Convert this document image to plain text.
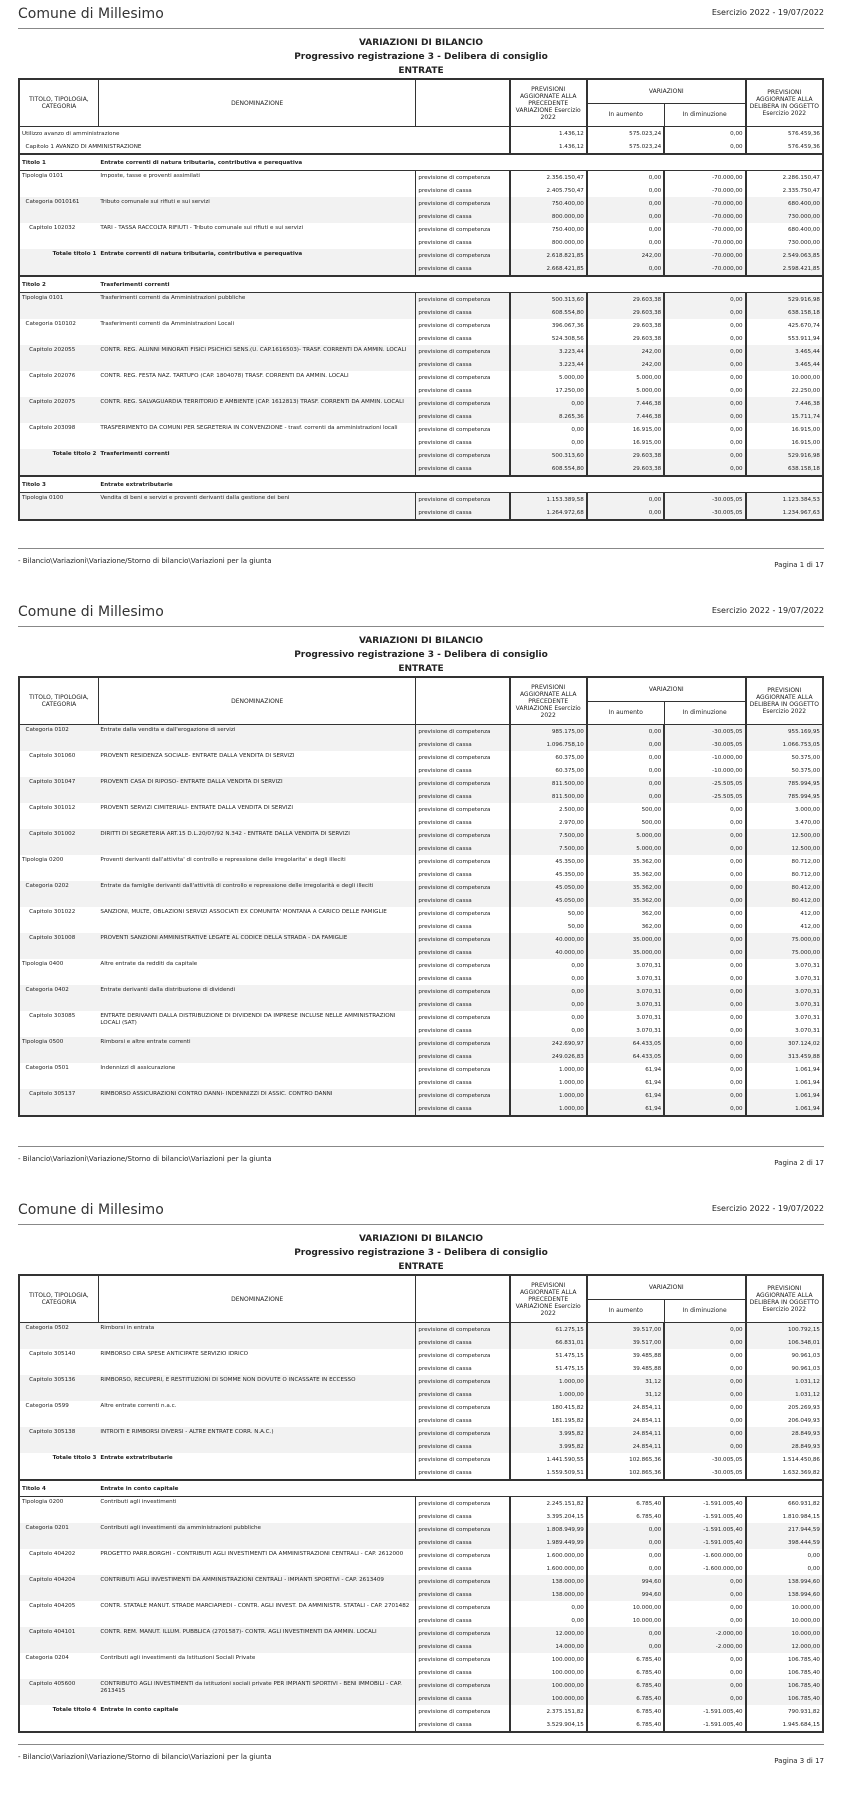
Comune di Millesimo	Esercizio 2022 - 19/07/2022
VARIAZIONI DI BILANCIO
Progressivo registrazione 3 - Delibera di consiglio
ENTRATE
TITOLO, TIPOLOGIA, CATEGORIA	DENOMINAZIONE		PREVISIONI AGGIORNATE ALLA PRECEDENTE VARIAZIONE Esercizio 2022	VARIAZIONI		PREVISIONI AGGIORNATE ALLA DELIBERA IN OGGETTO Esercizio 2022
				In aumento	In diminuzione	
Utilizzo avanzo di amministrazione			1.436,12	575.023,24	0,00	576.459,36
Capitolo 1 AVANZO DI AMMINISTRAZIONE			1.436,12	575.023,24	0,00	576.459,36
Titolo 1	Entrate correnti di natura tributaria, contributiva e perequativa					
Tipologia 0101	Imposte, tasse e proventi assimilati	previsione di competenza	2.356.150,47	0,00	-70.000,00	2.286.150,47
		previsione di cassa	2.405.750,47	0,00	-70.000,00	2.335.750,47
Categoria 0010161	Tributo comunale sui rifiuti e sui servizi	previsione di competenza	750.400,00	0,00	-70.000,00	680.400,00
		previsione di cassa	800.000,00	0,00	-70.000,00	730.000,00
Capitolo 102032	TARI - TASSA RACCOLTA RIFIUTI - Tributo comunale sui rifiuti e sui servizi	previsione di competenza	750.400,00	0,00	-70.000,00	680.400,00
		previsione di cassa	800.000,00	0,00	-70.000,00	730.000,00
Totale titolo 1	Entrate correnti di natura tributaria, contributiva e perequativa	previsione di competenza	2.618.821,85	242,00	-70.000,00	2.549.063,85
		previsione di cassa	2.668.421,85	0,00	-70.000,00	2.598.421,85
Titolo 2	Trasferimenti correnti					
Tipologia 0101	Trasferimenti correnti da Amministrazioni pubbliche	previsione di competenza	500.313,60	29.603,38	0,00	529.916,98
		previsione di cassa	608.554,80	29.603,38	0,00	638.158,18
Categoria 010102	Trasferimenti correnti da Amministrazioni Locali	previsione di competenza	396.067,36	29.603,38	0,00	425.670,74
		previsione di cassa	524.308,56	29.603,38	0,00	553.911,94
Capitolo 202055	CONTR. REG. ALUNNI MINORATI FISICI PSICHICI SENS.(U. CAP.1616503)- TRASF. CORRENTI DA AMMIN. LOCALI	previsione di competenza	3.223,44	242,00	0,00	3.465,44
		previsione di cassa	3.223,44	242,00	0,00	3.465,44
Capitolo 202076	CONTR. REG. FESTA NAZ. TARTUFO (CAP. 1804078) TRASF. CORRENTI DA AMMIN. LOCALI	previsione di competenza	5.000,00	5.000,00	0,00	10.000,00
		previsione di cassa	17.250,00	5.000,00	0,00	22.250,00
Capitolo 202075	CONTR. REG. SALVAGUARDIA TERRITORIO E AMBIENTE (CAP. 1612813) TRASF. CORRENTI DA AMMIN. LOCALI	previsione di competenza	0,00	7.446,38	0,00	7.446,38
		previsione di cassa	8.265,36	7.446,38	0,00	15.711,74
Capitolo 203098	TRASFERIMENTO DA COMUNI PER SEGRETERIA IN CONVENZIONE - trasf. correnti da amministrazioni locali	previsione di competenza	0,00	16.915,00	0,00	16.915,00
		previsione di cassa	0,00	16.915,00	0,00	16.915,00
Totale titolo 2	Trasferimenti correnti	previsione di competenza	500.313,60	29.603,38	0,00	529.916,98
		previsione di cassa	608.554,80	29.603,38	0,00	638.158,18
Titolo 3	Entrate extratributarie					
Tipologia 0100	Vendita di beni e servizi e proventi derivanti dalla gestione dei beni	previsione di competenza	1.153.389,58	0,00	-30.005,05	1.123.384,53
		previsione di cassa	1.264.972,68	0,00	-30.005,05	1.234.967,63
- Bilancio\Variazioni\Variazione/Storno di bilancio\Variazioni per la giunta	Pagina 1 di 17
Comune di Millesimo	Esercizio 2022 - 19/07/2022
VARIAZIONI DI BILANCIO
Progressivo registrazione 3 - Delibera di consiglio
ENTRATE
TITOLO, TIPOLOGIA, CATEGORIA	DENOMINAZIONE		PREVISIONI AGGIORNATE ALLA PRECEDENTE VARIAZIONE Esercizio 2022	VARIAZIONI		PREVISIONI AGGIORNATE ALLA DELIBERA IN OGGETTO Esercizio 2022
				In aumento	In diminuzione	
Categoria 0102	Entrate dalla vendita e dall'erogazione di servizi	previsione di competenza	985.175,00	0,00	-30.005,05	955.169,95
		previsione di cassa	1.096.758,10	0,00	-30.005,05	1.066.753,05
Capitolo 301060	PROVENTI RESIDENZA SOCIALE- ENTRATE DALLA VENDITA DI SERVIZI	previsione di competenza	60.375,00	0,00	-10.000,00	50.375,00
		previsione di cassa	60.375,00	0,00	-10.000,00	50.375,00
Capitolo 301047	PROVENTI CASA DI RIPOSO- ENTRATE DALLA VENDITA DI SERVIZI	previsione di competenza	811.500,00	0,00	-25.505,05	785.994,95
		previsione di cassa	811.500,00	0,00	-25.505,05	785.994,95
Capitolo 301012	PROVENTI SERVIZI CIMITERIALI- ENTRATE DALLA VENDITA DI SERVIZI	previsione di competenza	2.500,00	500,00	0,00	3.000,00
		previsione di cassa	2.970,00	500,00	0,00	3.470,00
Capitolo 301002	DIRITTI DI SEGRETERIA ART.15 D.L.20/07/92 N.342 - ENTRATE DALLA VENDITA DI SERVIZI	previsione di competenza	7.500,00	5.000,00	0,00	12.500,00
		previsione di cassa	7.500,00	5.000,00	0,00	12.500,00
Tipologia 0200	Proventi derivanti dall'attivita' di controllo e repressione delle irregolarita' e degli illeciti	previsione di competenza	45.350,00	35.362,00	0,00	80.712,00
		previsione di cassa	45.350,00	35.362,00	0,00	80.712,00
Categoria 0202	Entrate da famiglie derivanti dall'attività di controllo e repressione delle irregolarità e degli illeciti	previsione di competenza	45.050,00	35.362,00	0,00	80.412,00
		previsione di cassa	45.050,00	35.362,00	0,00	80.412,00
Capitolo 301022	SANZIONI, MULTE, OBLAZIONI SERVIZI ASSOCIATI EX COMUNITA' MONTANA A CARICO DELLE FAMIGLIE	previsione di competenza	50,00	362,00	0,00	412,00
		previsione di cassa	50,00	362,00	0,00	412,00
Capitolo 301008	PROVENTI SANZIONI AMMINISTRATIVE LEGATE AL CODICE DELLA STRADA - DA FAMIGLIE	previsione di competenza	40.000,00	35.000,00	0,00	75.000,00
		previsione di cassa	40.000,00	35.000,00	0,00	75.000,00
Tipologia 0400	Altre entrate da redditi da capitale	previsione di competenza	0,00	3.070,31	0,00	3.070,31
		previsione di cassa	0,00	3.070,31	0,00	3.070,31
Categoria 0402	Entrate derivanti dalla distribuzione di dividendi	previsione di competenza	0,00	3.070,31	0,00	3.070,31
		previsione di cassa	0,00	3.070,31	0,00	3.070,31
Capitolo 303085	ENTRATE DERIVANTI DALLA DISTRIBUZIONE DI DIVIDENDI DA IMPRESE INCLUSE NELLE AMMINISTRAZIONI LOCALI (SAT)	previsione di competenza	0,00	3.070,31	0,00	3.070,31
		previsione di cassa	0,00	3.070,31	0,00	3.070,31
Tipologia 0500	Rimborsi e altre entrate correnti	previsione di competenza	242.690,97	64.433,05	0,00	307.124,02
		previsione di cassa	249.026,83	64.433,05	0,00	313.459,88
Categoria 0501	Indennizzi di assicurazione	previsione di competenza	1.000,00	61,94	0,00	1.061,94
		previsione di cassa	1.000,00	61,94	0,00	1.061,94
Capitolo 305137	RIMBORSO ASSICURAZIONI CONTRO DANNI- INDENNIZZI DI ASSIC. CONTRO DANNI	previsione di competenza	1.000,00	61,94	0,00	1.061,94
		previsione di cassa	1.000,00	61,94	0,00	1.061,94
- Bilancio\Variazioni\Variazione/Storno di bilancio\Variazioni per la giunta	Pagina 2 di 17
Comune di Millesimo	Esercizio 2022 - 19/07/2022
VARIAZIONI DI BILANCIO
Progressivo registrazione 3 - Delibera di consiglio
ENTRATE
TITOLO, TIPOLOGIA, CATEGORIA	DENOMINAZIONE		PREVISIONI AGGIORNATE ALLA PRECEDENTE VARIAZIONE Esercizio 2022	VARIAZIONI		PREVISIONI AGGIORNATE ALLA DELIBERA IN OGGETTO Esercizio 2022
				In aumento	In diminuzione	
Categoria 0502	Rimborsi in entrata	previsione di competenza	61.275,15	39.517,00	0,00	100.792,15
		previsione di cassa	66.831,01	39.517,00	0,00	106.348,01
Capitolo 305140	RIMBORSO CIRA SPESE ANTICIPATE SERVIZIO IDRICO	previsione di competenza	51.475,15	39.485,88	0,00	90.961,03
		previsione di cassa	51.475,15	39.485,88	0,00	90.961,03
Capitolo 305136	RIMBORSO, RECUPERI, E RESTITUZIONI DI SOMME NON DOVUTE O INCASSATE IN ECCESSO	previsione di competenza	1.000,00	31,12	0,00	1.031,12
		previsione di cassa	1.000,00	31,12	0,00	1.031,12
Categoria 0599	Altre entrate correnti n.a.c.	previsione di competenza	180.415,82	24.854,11	0,00	205.269,93
		previsione di cassa	181.195,82	24.854,11	0,00	206.049,93
Capitolo 305138	INTROITI E RIMBORSI DIVERSI - ALTRE ENTRATE CORR. N.A.C.)	previsione di competenza	3.995,82	24.854,11	0,00	28.849,93
		previsione di cassa	3.995,82	24.854,11	0,00	28.849,93
Totale titolo 3	Entrate extratributarie	previsione di competenza	1.441.590,55	102.865,36	-30.005,05	1.514.450,86
		previsione di cassa	1.559.509,51	102.865,36	-30.005,05	1.632.369,82
Titolo 4	Entrate in conto capitale					
Tipologia 0200	Contributi agli investimenti	previsione di competenza	2.245.151,82	6.785,40	-1.591.005,40	660.931,82
		previsione di cassa	3.395.204,15	6.785,40	-1.591.005,40	1.810.984,15
Categoria 0201	Contributi agli investimenti da amministrazioni pubbliche	previsione di competenza	1.808.949,99	0,00	-1.591.005,40	217.944,59
		previsione di cassa	1.989.449,99	0,00	-1.591.005,40	398.444,59
Capitolo 404202	PROGETTO PARR.BORGHI - CONTRIBUTI AGLI INVESTIMENTI DA AMMINISTRAZIONI CENTRALI - CAP. 2612000	previsione di competenza	1.600.000,00	0,00	-1.600.000,00	0,00
		previsione di cassa	1.600.000,00	0,00	-1.600.000,00	0,00
Capitolo 404204	CONTRIBUTI AGLI INVESTIMENTI DA AMMINISTRAZIONI CENTRALI - IMPIANTI SPORTIVI - CAP. 2613409	previsione di competenza	138.000,00	994,60	0,00	138.994,60
		previsione di cassa	138.000,00	994,60	0,00	138.994,60
Capitolo 404205	CONTR. STATALE MANUT. STRADE MARCIAPIEDI - CONTR. AGLI INVEST. DA AMMINISTR. STATALI - CAP. 2701482	previsione di competenza	0,00	10.000,00	0,00	10.000,00
		previsione di cassa	0,00	10.000,00	0,00	10.000,00
Capitolo 404101	CONTR. REM. MANUT. ILLUM. PUBBLICA (2701587)- CONTR. AGLI INVESTIMENTI DA AMMIN. LOCALI	previsione di competenza	12.000,00	0,00	-2.000,00	10.000,00
		previsione di cassa	14.000,00	0,00	-2.000,00	12.000,00
Categoria 0204	Contributi agli investimenti da Istituzioni Sociali Private	previsione di competenza	100.000,00	6.785,40	0,00	106.785,40
		previsione di cassa	100.000,00	6.785,40	0,00	106.785,40
Capitolo 405600	CONTRIBUTO AGLI INVESTIMENTI da istituzioni sociali private PER IMPIANTI SPORTIVI - BENI IMMOBILI - CAP. 2613415	previsione di competenza	100.000,00	6.785,40	0,00	106.785,40
		previsione di cassa	100.000,00	6.785,40	0,00	106.785,40
Totale titolo 4	Entrate in conto capitale	previsione di competenza	2.375.151,82	6.785,40	-1.591.005,40	790.931,82
		previsione di cassa	3.529.904,15	6.785,40	-1.591.005,40	1.945.684,15
- Bilancio\Variazioni\Variazione/Storno di bilancio\Variazioni per la giunta	Pagina 3 di 17
